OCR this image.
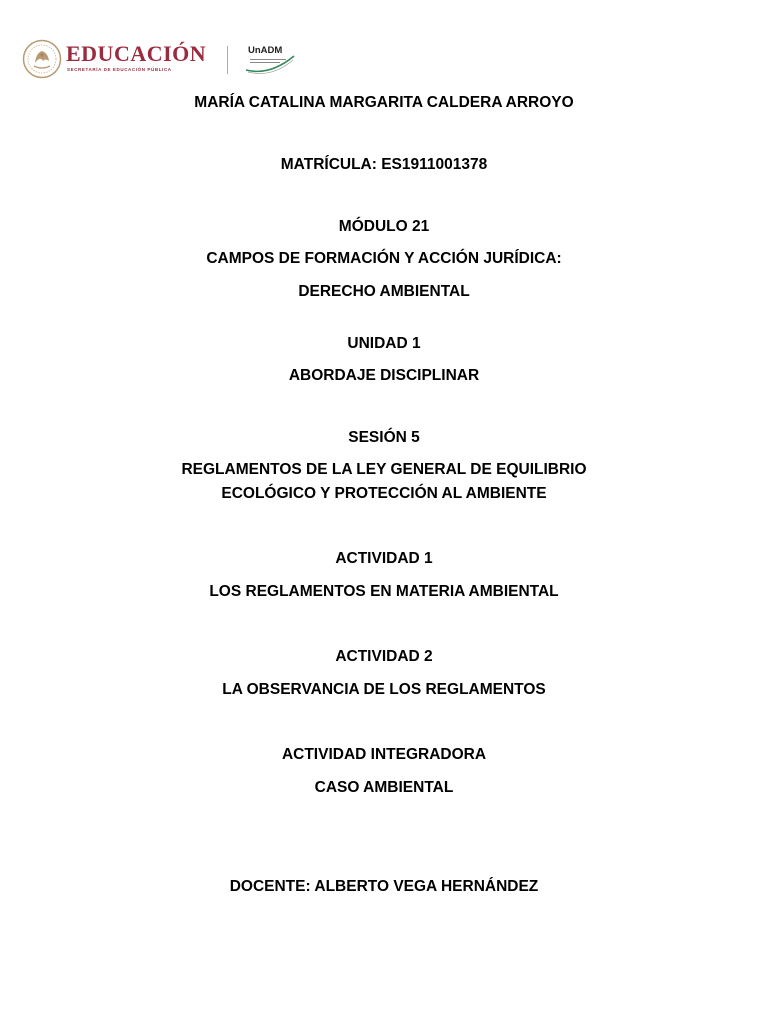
EDUCACIÓN
SECRETARÍA DE EDUCACIÓN PÚBLICA
UnADM
MARÍA CATALINA MARGARITA CALDERA ARROYO
MATRÍCULA: ES1911001378
MÓDULO 21
CAMPOS DE FORMACIÓN Y ACCIÓN JURÍDICA:
DERECHO AMBIENTAL
UNIDAD 1
ABORDAJE DISCIPLINAR
SESIÓN 5
REGLAMENTOS DE LA LEY GENERAL DE EQUILIBRIO
ECOLÓGICO Y PROTECCIÓN AL AMBIENTE
ACTIVIDAD 1
LOS REGLAMENTOS EN MATERIA AMBIENTAL
ACTIVIDAD 2
LA OBSERVANCIA DE LOS REGLAMENTOS
ACTIVIDAD INTEGRADORA
CASO AMBIENTAL
DOCENTE: ALBERTO VEGA HERNÁNDEZ
